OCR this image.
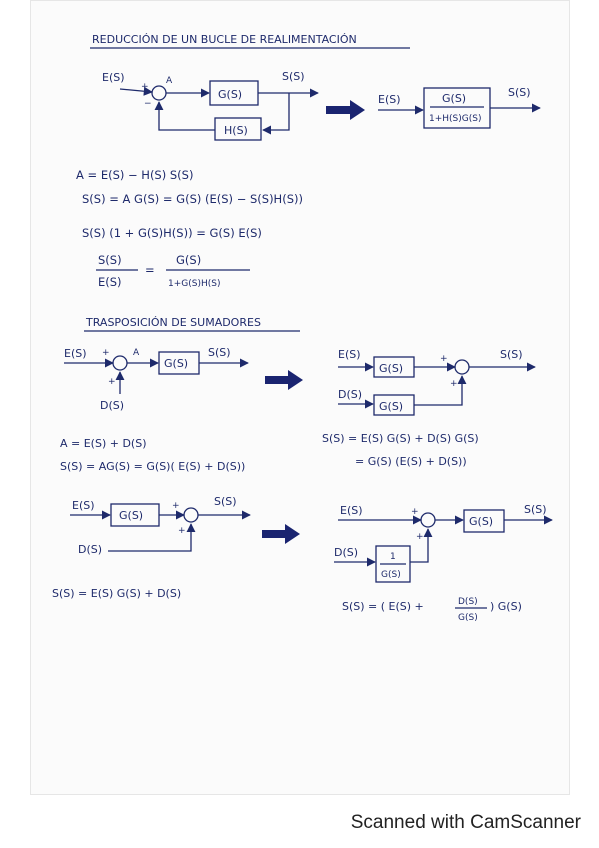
REDUCCIÓN DE UN BUCLE DE REALIMENTACIÓN
E(S)
+
−
A
G(S)
S(S)
H(S)
E(S)	G(S)
1+H(S)G(S)
S(S)
A = E(S) − H(S) S(S)
S(S) = A G(S) = G(S) (E(S) − S(S)H(S))
S(S) (1 + G(S)H(S)) = G(S) E(S)
S(S)
E(S)
=
G(S)
1+G(S)H(S)
TRASPOSICIÓN DE SUMADORES
E(S) +	A
G(S)
S(S)
+
D(S)
E(S)
G(S)
+	S(S)
D(S)
G(S)
+
A = E(S) + D(S)
S(S) = AG(S) = G(S)( E(S) + D(S))
S(S) = E(S) G(S) + D(S) G(S)
= G(S) (E(S) + D(S))
E(S)
G(S)
+	S(S)
D(S)
+
E(S)	+
G(S)
S(S)
D(S)	1
G(S)
+
S(S) = E(S) G(S) + D(S)
S(S) = ( E(S) +	D(S)
G(S)
) G(S)
Scanned with CamScanner
